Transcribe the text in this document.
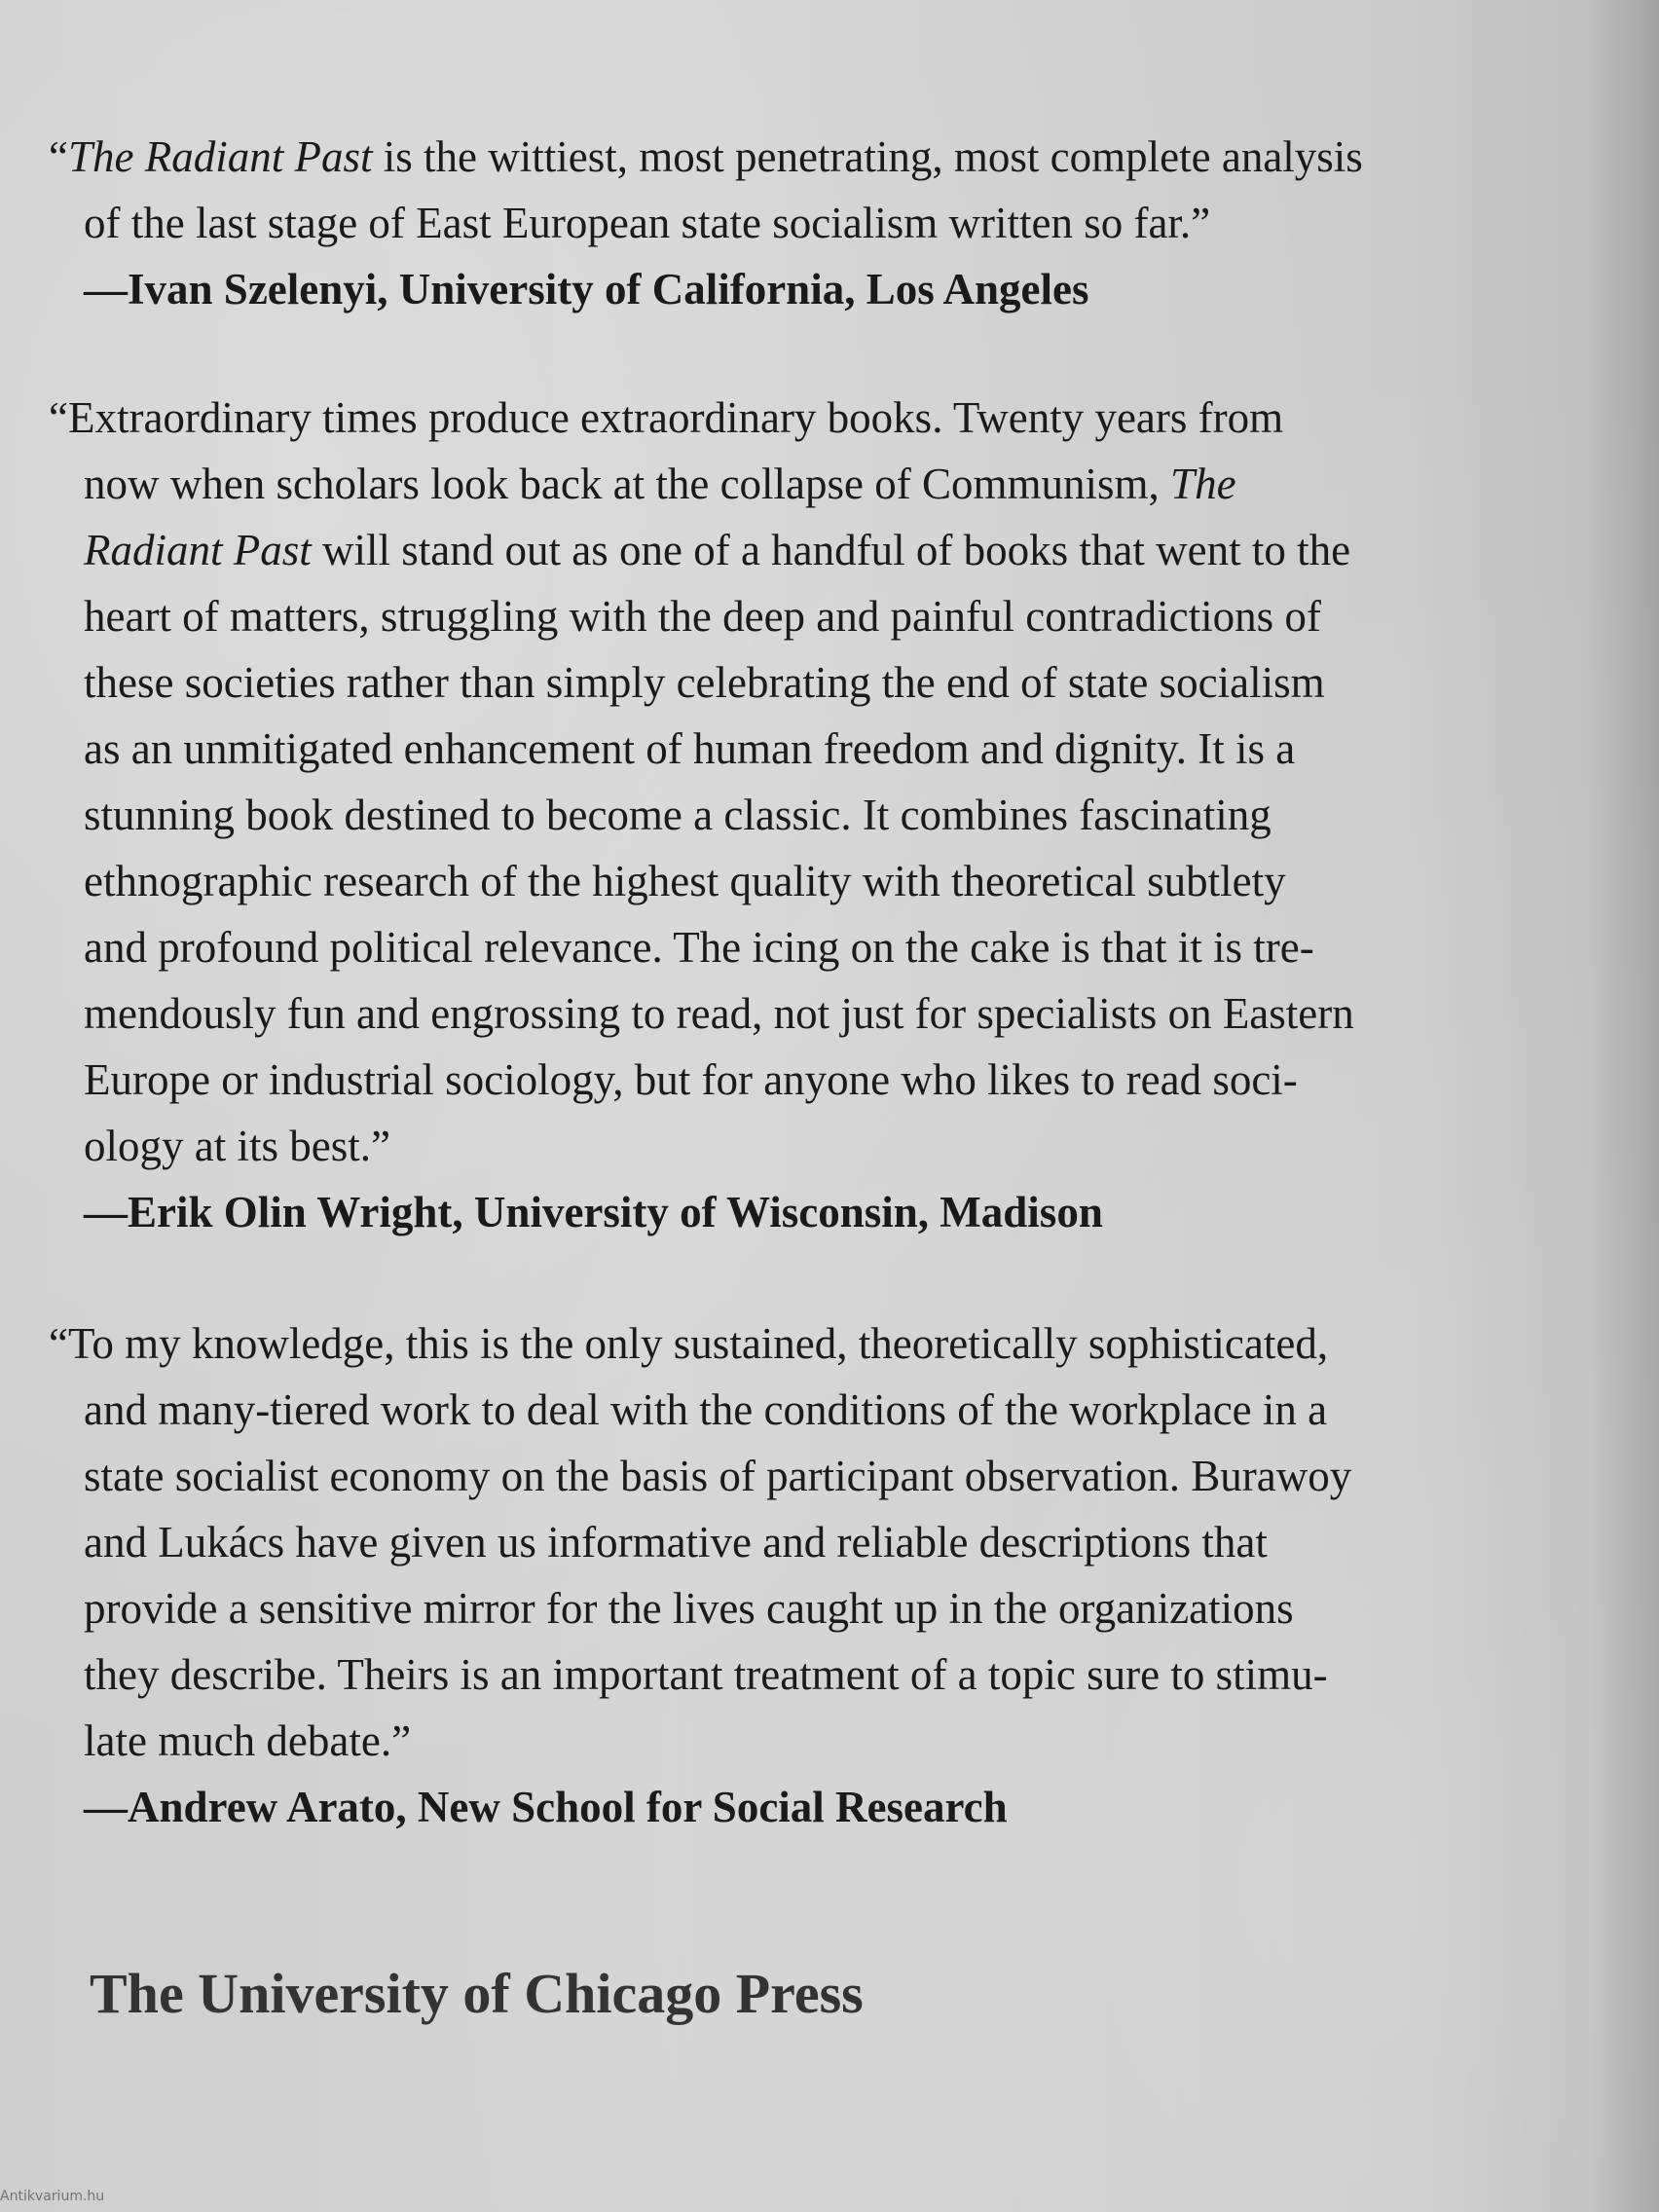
“The Radiant Past is the wittiest, most penetrating, most complete analysis
of the last stage of East European state socialism written so far.”
—Ivan Szelenyi, University of California, Los Angeles
“Extraordinary times produce extraordinary books. Twenty years from
now when scholars look back at the collapse of Communism, The
Radiant Past will stand out as one of a handful of books that went to the
heart of matters, struggling with the deep and painful contradictions of
these societies rather than simply celebrating the end of state socialism
as an unmitigated enhancement of human freedom and dignity. It is a
stunning book destined to become a classic. It combines fascinating
ethnographic research of the highest quality with theoretical subtlety
and profound political relevance. The icing on the cake is that it is tre-
mendously fun and engrossing to read, not just for specialists on Eastern
Europe or industrial sociology, but for anyone who likes to read soci-
ology at its best.”
—Erik Olin Wright, University of Wisconsin, Madison
“To my knowledge, this is the only sustained, theoretically sophisticated,
and many-tiered work to deal with the conditions of the workplace in a
state socialist economy on the basis of participant observation. Burawoy
and Lukács have given us informative and reliable descriptions that
provide a sensitive mirror for the lives caught up in the organizations
they describe. Theirs is an important treatment of a topic sure to stimu-
late much debate.”
—Andrew Arato, New School for Social Research
The University of Chicago Press
Antikvarium.hu
